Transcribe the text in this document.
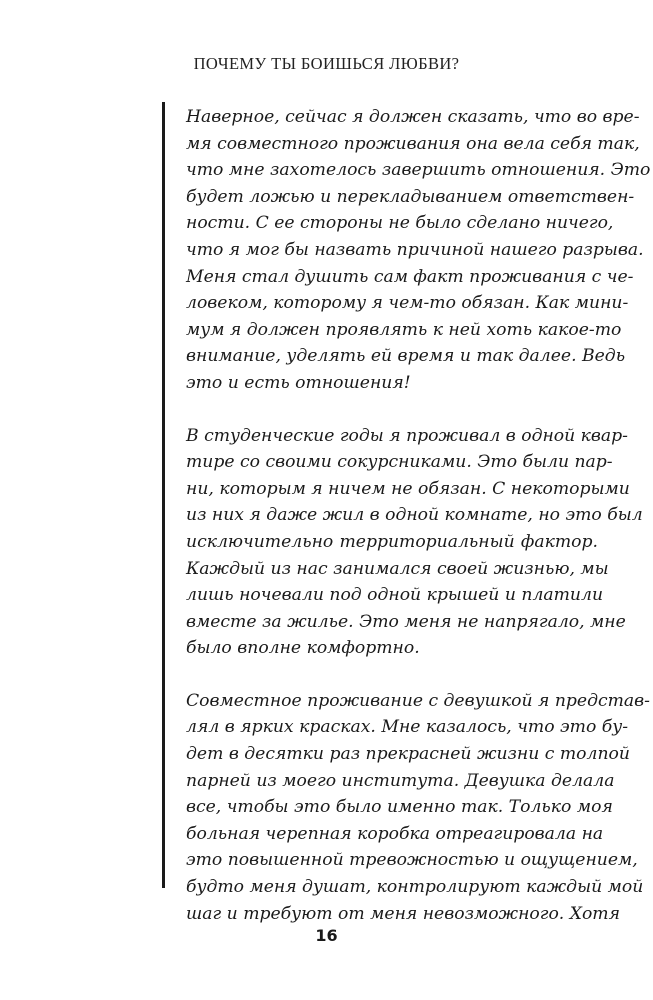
ПОЧЕМУ ТЫ БОИШЬСЯ ЛЮБВИ?

Наверное, сейчас я должен сказать, что во вре-
мя совместного проживания она вела себя так,
что мне захотелось завершить отношения. Это
будет ложью и перекладыванием ответствен-
ности. С ее стороны не было сделано ничего,
что я мог бы назвать причиной нашего разрыва.
Меня стал душить сам факт проживания с че-
ловеком, которому я чем-то обязан. Как мини-
мум я должен проявлять к ней хоть какое-то
внимание, уделять ей время и так далее. Ведь
это и есть отношения!

В студенческие годы я проживал в одной квар-
тире со своими сокурсниками. Это были пар-
ни, которым я ничем не обязан. С некоторыми
из них я даже жил в одной комнате, но это был
исключительно территориальный фактор.
Каждый из нас занимался своей жизнью, мы
лишь ночевали под одной крышей и платили
вместе за жилье. Это меня не напрягало, мне
было вполне комфортно.

Совместное проживание с девушкой я представ-
лял в ярких красках. Мне казалось, что это бу-
дет в десятки раз прекрасней жизни с толпой
парней из моего института. Девушка делала
все, чтобы это было именно так. Только моя
больная черепная коробка отреагировала на
это повышенной тревожностью и ощущением,
будто меня душат, контролируют каждый мой
шаг и требуют от меня невозможного. Хотя

16
